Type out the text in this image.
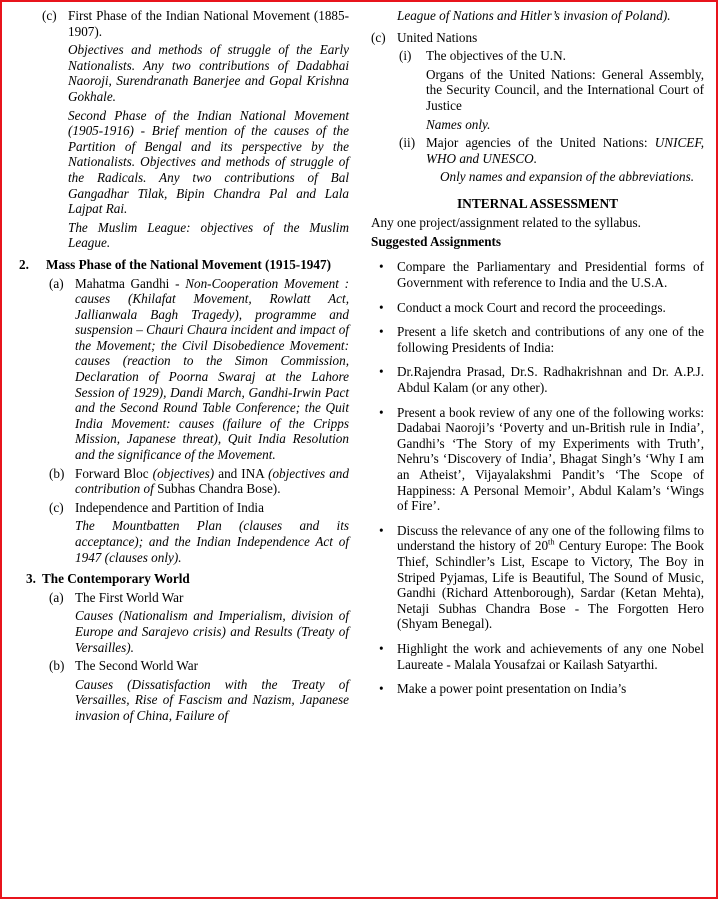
(c) First Phase of the Indian National Movement (1885-1907).

Objectives and methods of struggle of the Early Nationalists. Any two contributions of Dadabhai Naoroji, Surendranath Banerjee and Gopal Krishna Gokhale.

Second Phase of the Indian National Movement (1905-1916) - Brief mention of the causes of the Partition of Bengal and its perspective by the Nationalists. Objectives and methods of struggle of the Radicals. Any two contributions of Bal Gangadhar Tilak, Bipin Chandra Pal and Lala Lajpat Rai.

The Muslim League: objectives of the Muslim League.

2.	Mass Phase of the National Movement (1915-1947)

(a) Mahatma Gandhi - Non-Cooperation Movement : causes (Khilafat Movement, Rowlatt Act, Jallianwala Bagh Tragedy), programme and suspension – Chauri Chaura incident and impact of the Movement; the Civil Disobedience Movement: causes (reaction to the Simon Commission, Declaration of Poorna Swaraj at the Lahore Session of 1929), Dandi March, Gandhi-Irwin Pact and the Second Round Table Conference; the Quit India Movement: causes (failure of the Cripps Mission, Japanese threat), Quit India Resolution and the significance of the Movement.

(b) Forward Bloc (objectives) and INA (objectives and contribution of Subhas Chandra Bose).

(c) Independence and Partition of India

The Mountbatten Plan (clauses and its acceptance); and the Indian Independence Act of 1947 (clauses only).

3. The Contemporary World

(a) The First World War

Causes (Nationalism and Imperialism, division of Europe and Sarajevo crisis) and Results (Treaty of Versailles).

(b) The Second World War

Causes (Dissatisfaction with the Treaty of Versailles, Rise of Fascism and Nazism, Japanese invasion of China, Failure of

League of Nations and Hitler’s invasion of Poland).

(c) United Nations

(i)	The objectives of the U.N.

Organs of the United Nations: General Assembly, the Security Council, and the International Court of Justice

Names only.

(ii) Major agencies of the United Nations: UNICEF, WHO and UNESCO.

Only names and expansion of the abbreviations.

INTERNAL ASSESSMENT

Any one project/assignment related to the syllabus.

Suggested Assignments

•	Compare the Parliamentary and Presidential forms of Government with reference to India and the U.S.A.

•	Conduct a mock Court and record the proceedings.

•	Present a life sketch and contributions of any one of the following Presidents of India:

•	Dr.Rajendra Prasad, Dr.S. Radhakrishnan and Dr. A.P.J. Abdul Kalam (or any other).

•	Present a book review of any one of the following works: Dadabai Naoroji’s ‘Poverty and un-British rule in India’, Gandhi’s ‘The Story of my Experiments with Truth’, Nehru’s ‘Discovery of India’, Bhagat Singh’s ‘Why I am an Atheist’, Vijayalakshmi Pandit’s ‘The Scope of Happiness: A Personal Memoir’, Abdul Kalam’s ‘Wings of Fire’.

•	Discuss the relevance of any one of the following films to understand the history of 20th Century Europe: The Book Thief, Schindler’s List, Escape to Victory, The Boy in Striped Pyjamas, Life is Beautiful, The Sound of Music, Gandhi (Richard Attenborough), Sardar (Ketan Mehta), Netaji Subhas Chandra Bose - The Forgotten Hero (Shyam Benegal).

•	Highlight the work and achievements of any one Nobel Laureate - Malala Yousafzai or Kailash Satyarthi.

•	Make a power point presentation on India’s
